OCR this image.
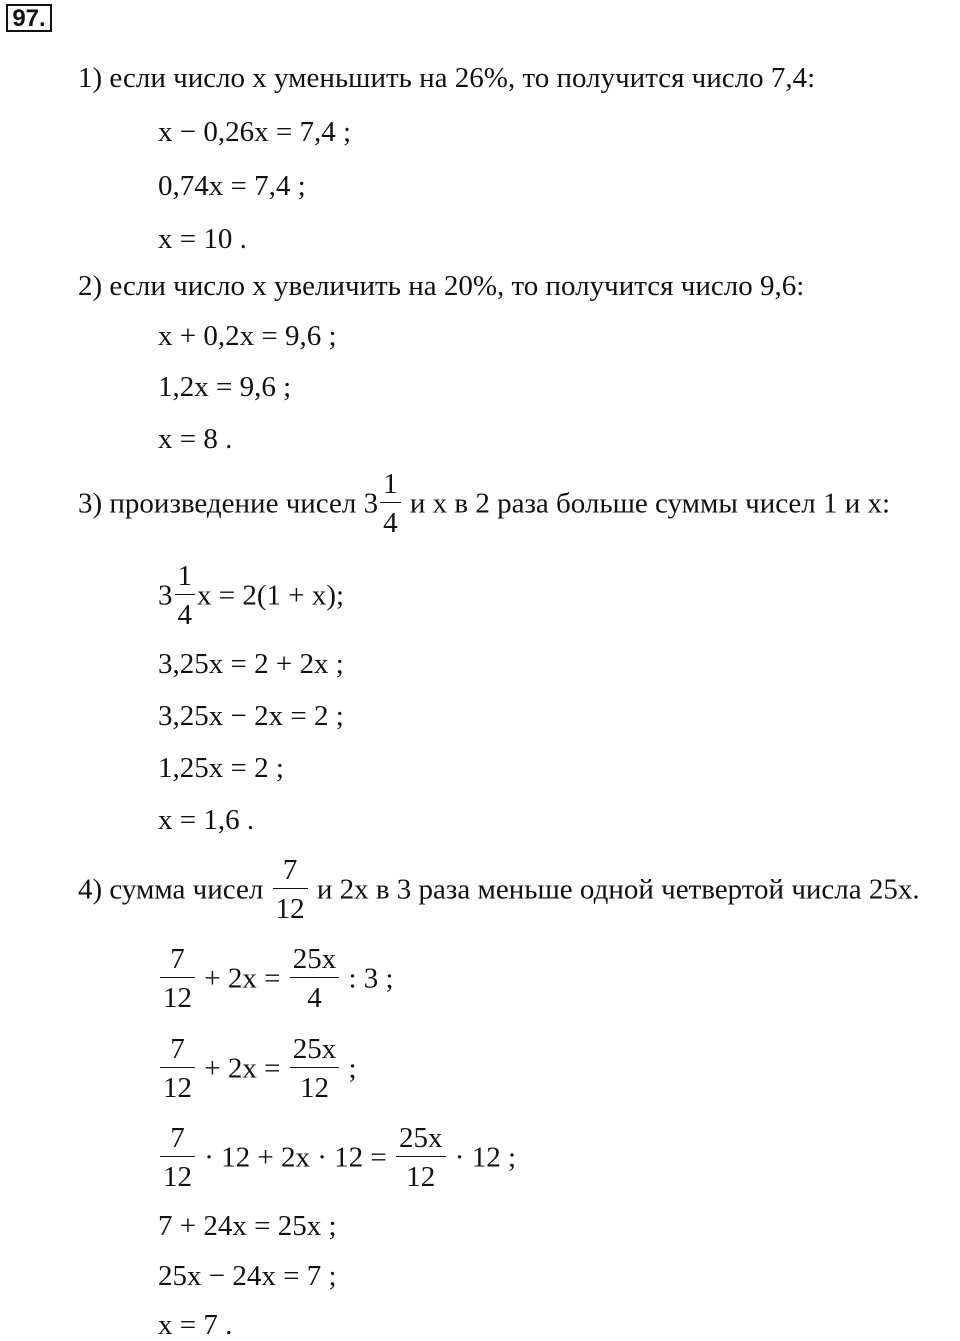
97.
1) если число x уменьшить на 26%, то получится число 7,4:
x − 0,26x = 7,4 ;
0,74x = 7,4 ;
x = 10 .
2) если число x увеличить на 20%, то получится число 9,6:
x + 0,2x = 9,6 ;
1,2x = 9,6 ;
x = 8 .
3) произведение чисел $3 \frac{1}{4}$ и x в 2 раза больше суммы чисел 1 и x:
$3 \frac{1}{4}$ x = 2(1 + x);
3,25x = 2 + 2x ;
3,25x − 2x = 2 ;
1,25x = 2 ;
x = 1,6 .
4) сумма чисел $\frac{7}{12}$ и 2x в 3 раза меньше одной четвертой числа 25x.
$\frac{7}{12} + 2x = \frac{25x}{4}$ : 3 ;
$\frac{7}{12} + 2x = \frac{25x}{12}$ ;
$\frac{7}{12} \cdot 12 + 2x \cdot 12 = \frac{25x}{12} \cdot 12$ ;
7 + 24x = 25x ;
25x − 24x = 7 ;
x = 7 .
